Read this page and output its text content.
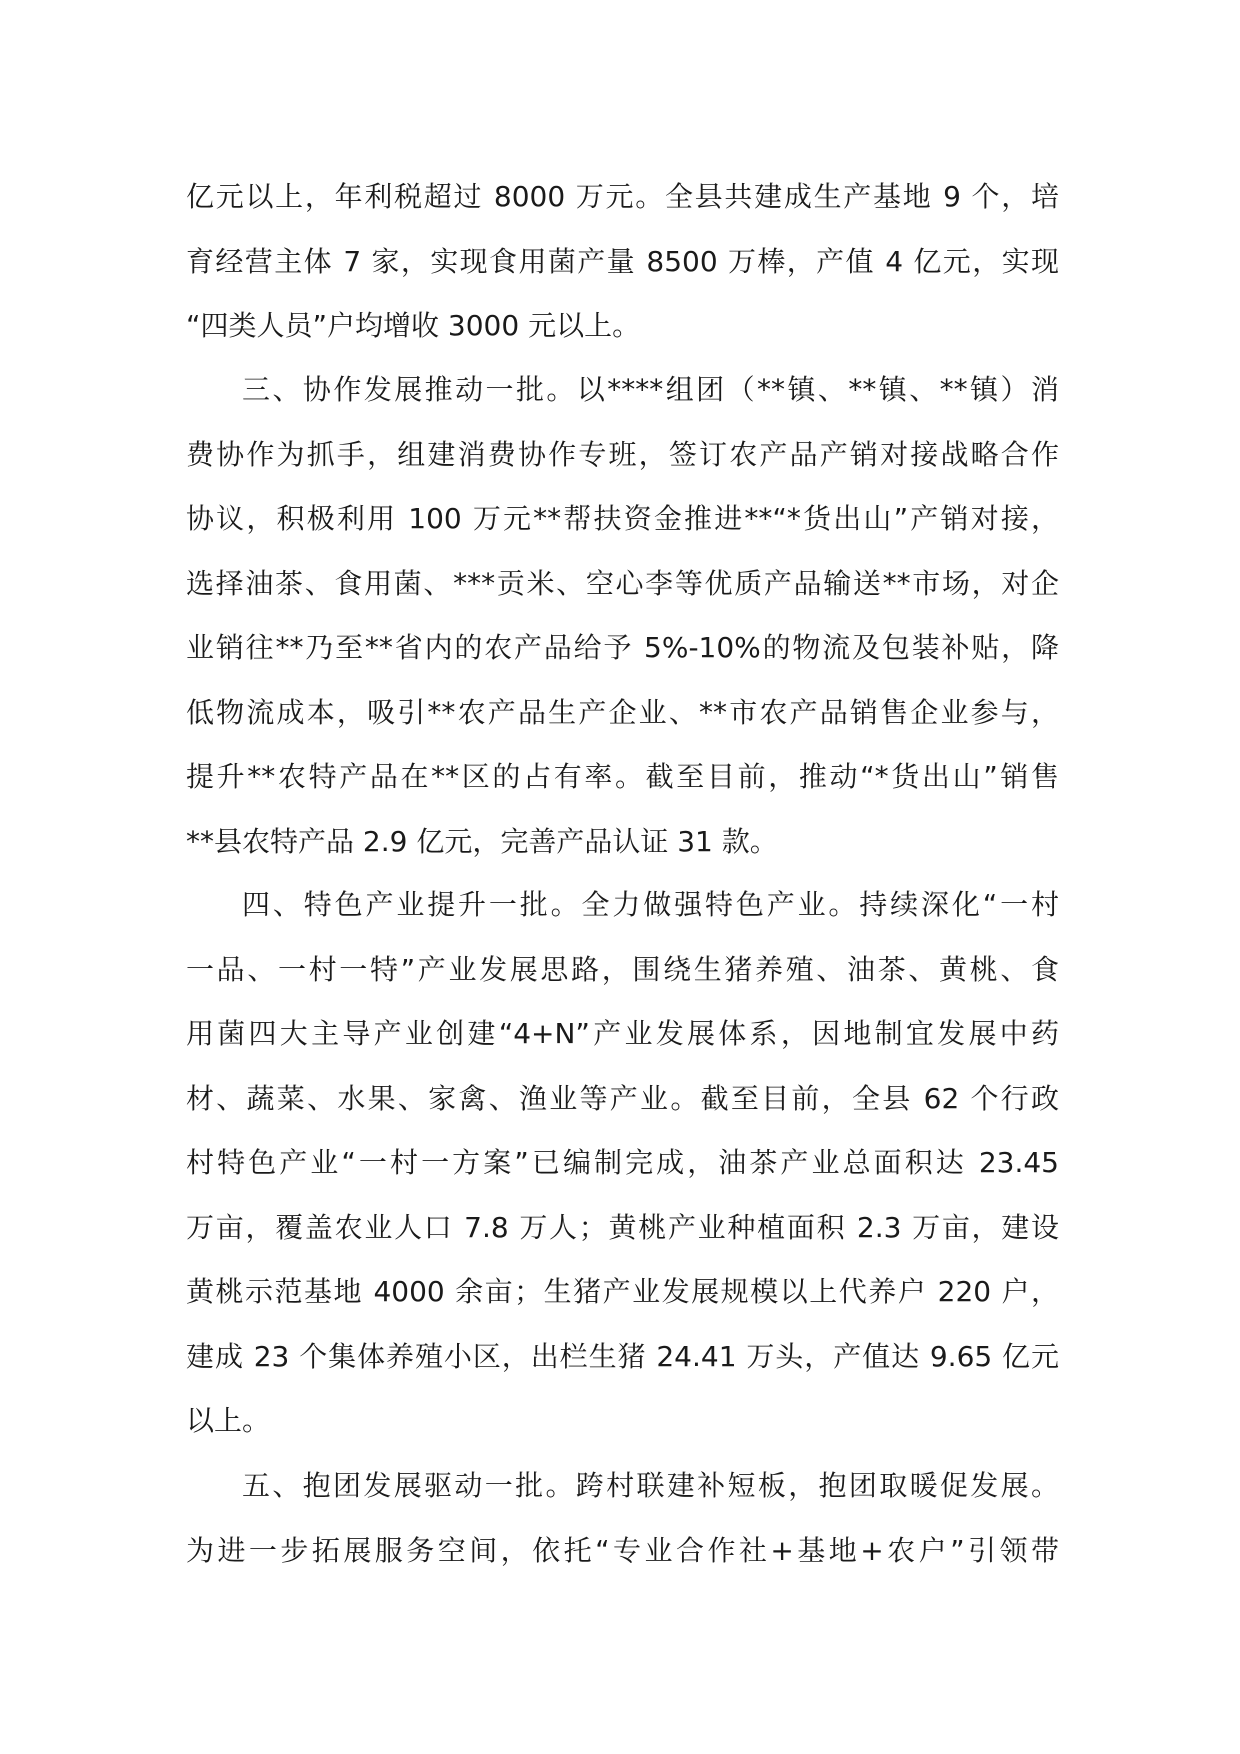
亿元以上，年利税超过 8000 万元。全县共建成生产基地 9 个，培
育经营主体 7 家，实现食用菌产量 8500 万棒，产值 4 亿元，实现
“四类人员”户均增收 3000 元以上。
三、协作发展推动一批。以****组团（**镇、**镇、**镇）消
费协作为抓手，组建消费协作专班，签订农产品产销对接战略合作
协议，积极利用 100 万元**帮扶资金推进**“*货出山”产销对接，
选择油茶、食用菌、***贡米、空心李等优质产品输送**市场，对企
业销往**乃至**省内的农产品给予 5%-10%的物流及包装补贴，降
低物流成本，吸引**农产品生产企业、**市农产品销售企业参与，
提升**农特产品在**区的占有率。截至目前，推动“*货出山”销售
**县农特产品 2.9 亿元，完善产品认证 31 款。
四、特色产业提升一批。全力做强特色产业。持续深化“一村
一品、一村一特”产业发展思路，围绕生猪养殖、油茶、黄桃、食
用菌四大主导产业创建“4+N”产业发展体系，因地制宜发展中药
材、蔬菜、水果、家禽、渔业等产业。截至目前，全县 62 个行政
村特色产业“一村一方案”已编制完成，油茶产业总面积达 23.45
万亩，覆盖农业人口 7.8 万人；黄桃产业种植面积 2.3 万亩，建设
黄桃示范基地 4000 余亩；生猪产业发展规模以上代养户 220 户，
建成 23 个集体养殖小区，出栏生猪 24.41 万头，产值达 9.65 亿元
以上。
五、抱团发展驱动一批。跨村联建补短板，抱团取暖促发展。
为进一步拓展服务空间，依托“专业合作社+基地+农户”引领带
